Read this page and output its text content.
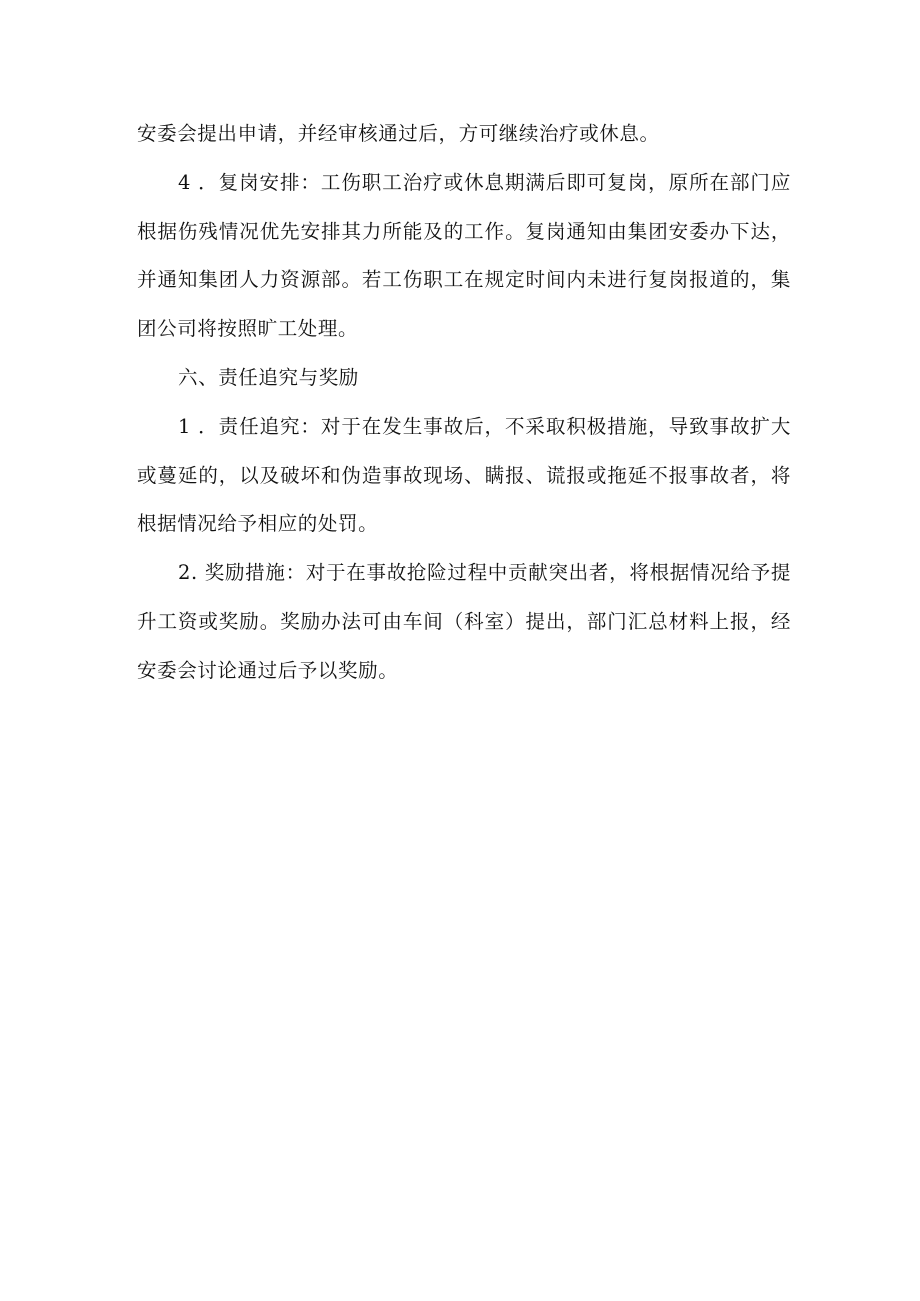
安委会提出申请，并经审核通过后，方可继续治疗或休息。

4 ．复岗安排：工伤职工治疗或休息期满后即可复岗，原所在部门应根据伤残情况优先安排其力所能及的工作。复岗通知由集团安委办下达，并通知集团人力资源部。若工伤职工在规定时间内未进行复岗报道的，集团公司将按照旷工处理。

六、责任追究与奖励

1 ．责任追究：对于在发生事故后，不采取积极措施，导致事故扩大或蔓延的，以及破坏和伪造事故现场、瞒报、谎报或拖延不报事故者，将根据情况给予相应的处罚。

2. 奖励措施：对于在事故抢险过程中贡献突出者，将根据情况给予提升工资或奖励。奖励办法可由车间（科室）提出，部门汇总材料上报，经安委会讨论通过后予以奖励。
